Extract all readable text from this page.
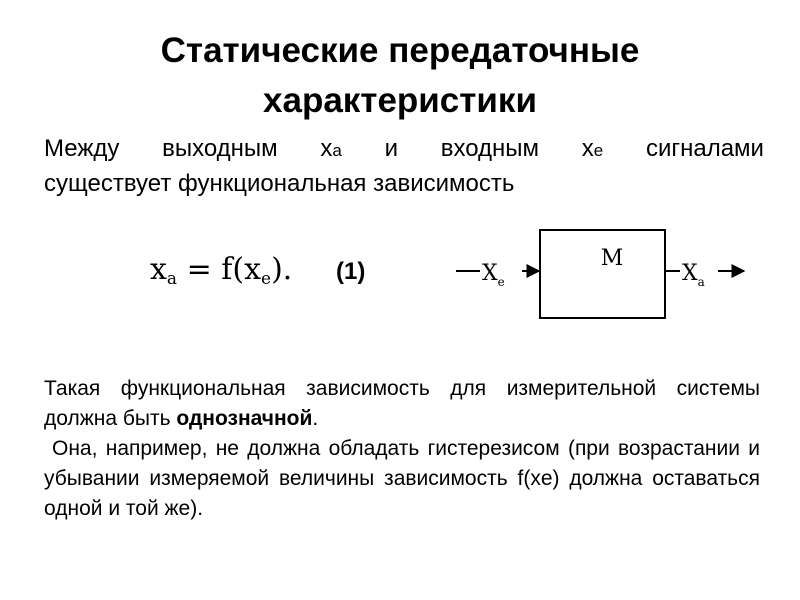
Статические передаточные
характеристики
Между выходным xa и входным xe сигналами
существует функциональная зависимость
$x_a = f(x_e)$. (1)	$X_e$
M
$X_a$

Такая функциональная зависимость для измерительной системы должна быть однозначной.

Она, например, не должна обладать гистерезисом (при возрастании и убывании измеряемой величины зависимость f(xe) должна оставаться одной и той же).
